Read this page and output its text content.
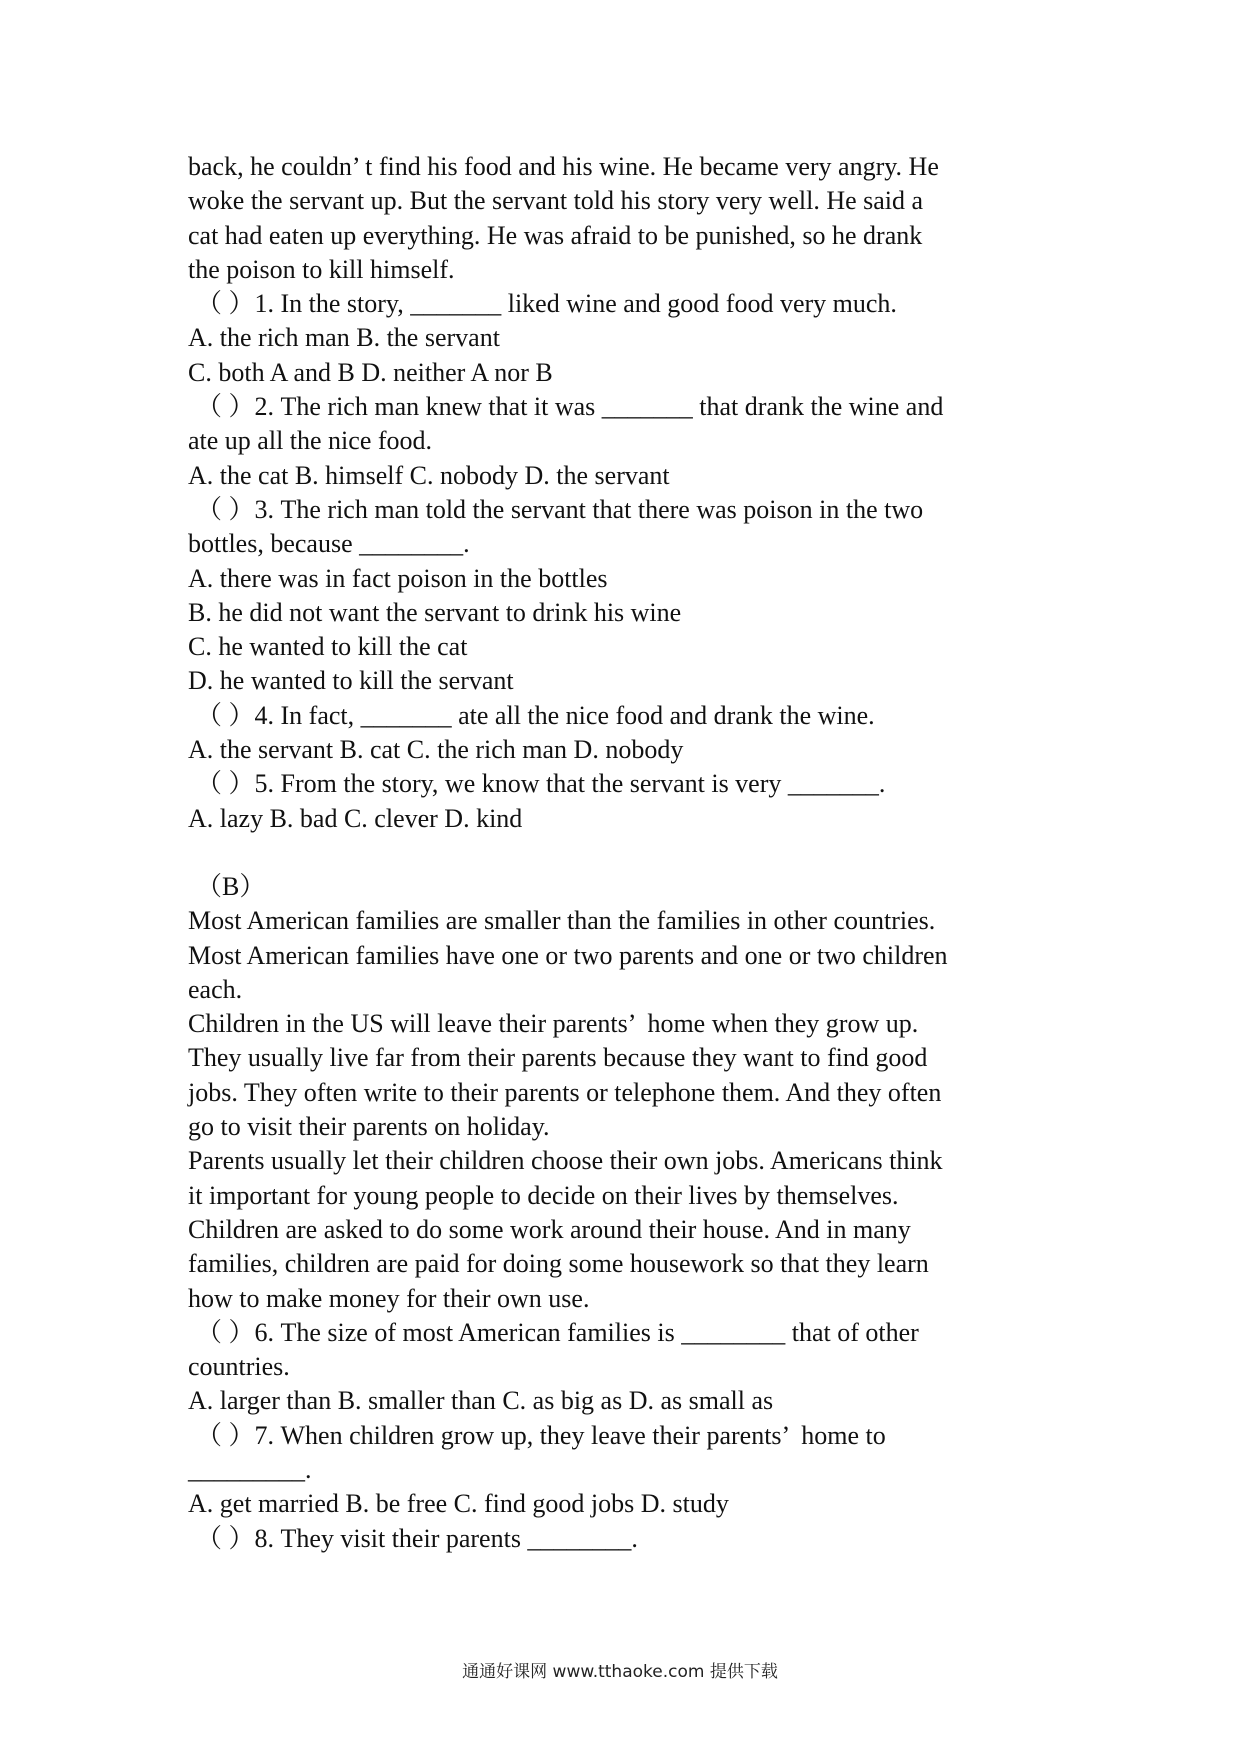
back, he couldn’ t find his food and his wine. He became very angry. He
woke the servant up. But the servant told his story very well. He said a
cat had eaten up everything. He was afraid to be punished, so he drank
the poison to kill himself.
（ ）1. In the story, _______ liked wine and good food very much.
A. the rich man B. the servant
C. both A and B D. neither A nor B
（ ）2. The rich man knew that it was _______ that drank the wine and
ate up all the nice food.
A. the cat B. himself C. nobody D. the servant
（ ）3. The rich man told the servant that there was poison in the two
bottles, because ________.
A. there was in fact poison in the bottles
B. he did not want the servant to drink his wine
C. he wanted to kill the cat
D. he wanted to kill the servant
（ ）4. In fact, _______ ate all the nice food and drank the wine.
A. the servant B. cat C. the rich man D. nobody
（ ）5. From the story, we know that the servant is very _______.
A. lazy B. bad C. clever D. kind
（B）
Most American families are smaller than the families in other countries.
Most American families have one or two parents and one or two children
each.
Children in the US will leave their parents’  home when they grow up.
They usually live far from their parents because they want to find good
jobs. They often write to their parents or telephone them. And they often
go to visit their parents on holiday.
Parents usually let their children choose their own jobs. Americans think
it important for young people to decide on their lives by themselves.
Children are asked to do some work around their house. And in many
families, children are paid for doing some housework so that they learn
how to make money for their own use.
（ ）6. The size of most American families is ________ that of other
countries.
A. larger than B. smaller than C. as big as D. as small as
（ ）7. When children grow up, they leave their parents’  home to
_________.
A. get married B. be free C. find good jobs D. study
（ ）8. They visit their parents ________.
通通好课网 www.tthaoke.com 提供下载
